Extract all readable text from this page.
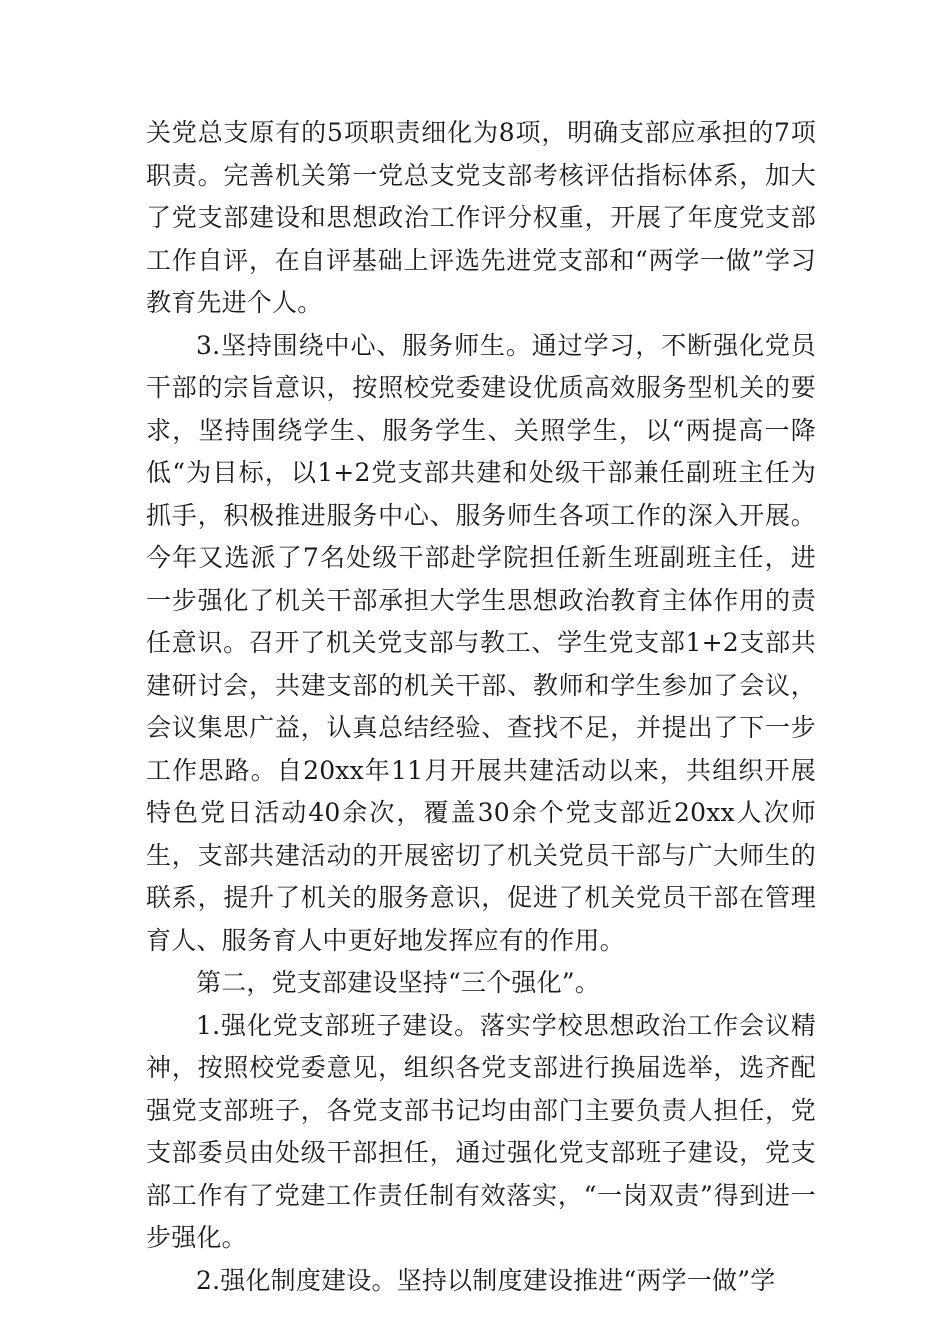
关党总支原有的5项职责细化为8项，明确支部应承担的7项职责。完善机关第一党总支党支部考核评估指标体系，加大了党支部建设和思想政治工作评分权重，开展了年度党支部工作自评，在自评基础上评选先进党支部和“两学一做”学习教育先进个人。

3.坚持围绕中心、服务师生。通过学习，不断强化党员干部的宗旨意识，按照校党委建设优质高效服务型机关的要求，坚持围绕学生、服务学生、关照学生，以“两提高一降低“为目标，以1+2党支部共建和处级干部兼任副班主任为抓手，积极推进服务中心、服务师生各项工作的深入开展。今年又选派了7名处级干部赴学院担任新生班副班主任，进一步强化了机关干部承担大学生思想政治教育主体作用的责任意识。召开了机关党支部与教工、学生党支部1+2支部共建研讨会，共建支部的机关干部、教师和学生参加了会议，会议集思广益，认真总结经验、查找不足，并提出了下一步工作思路。自20xx年11月开展共建活动以来，共组织开展特色党日活动40余次，覆盖30余个党支部近20xx人次师生，支部共建活动的开展密切了机关党员干部与广大师生的联系，提升了机关的服务意识，促进了机关党员干部在管理育人、服务育人中更好地发挥应有的作用。

第二，党支部建设坚持“三个强化”。

1.强化党支部班子建设。落实学校思想政治工作会议精神，按照校党委意见，组织各党支部进行换届选举，选齐配强党支部班子，各党支部书记均由部门主要负责人担任，党支部委员由处级干部担任，通过强化党支部班子建设，党支部工作有了党建工作责任制有效落实，“一岗双责”得到进一步强化。

2.强化制度建设。坚持以制度建设推进“两学一做”学
